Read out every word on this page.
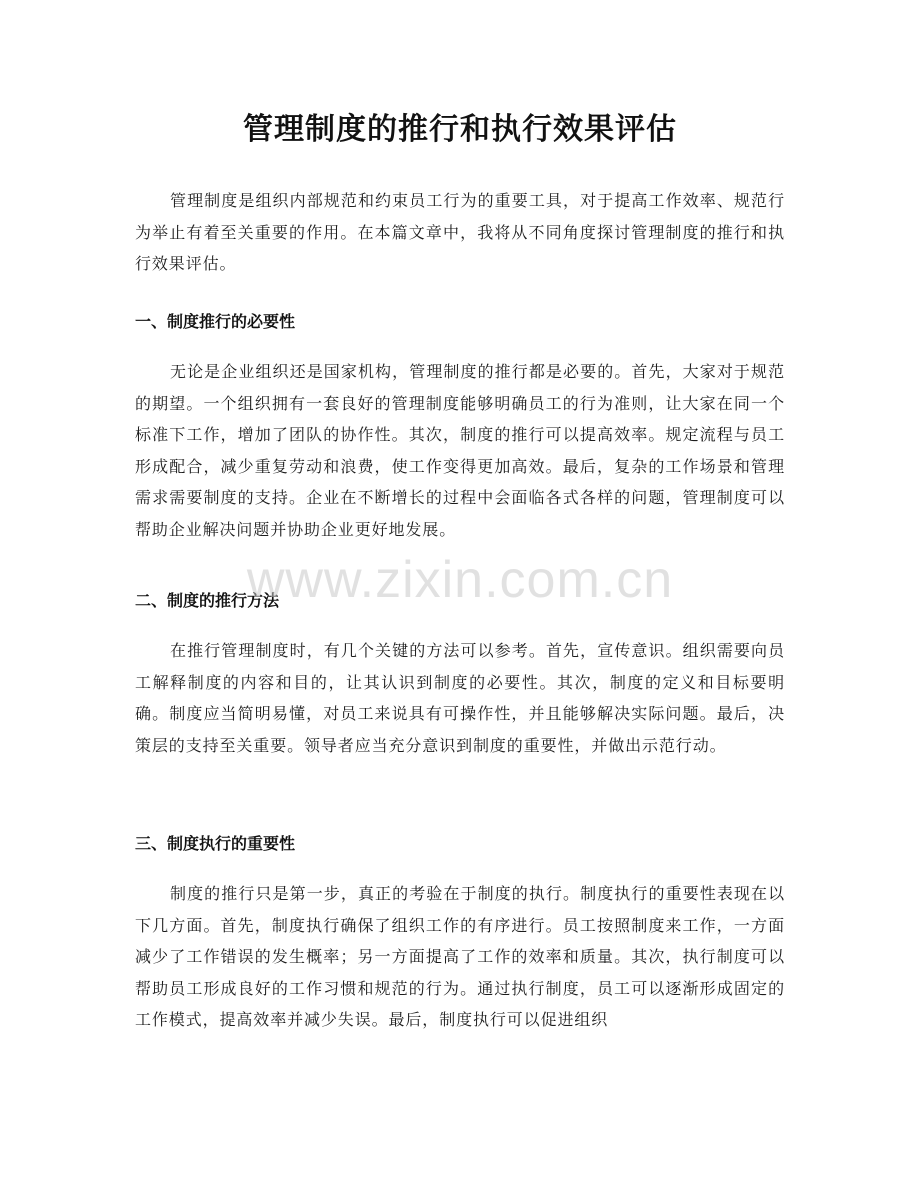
管理制度的推行和执行效果评估

管理制度是组织内部规范和约束员工行为的重要工具，对于提高工作效率、规范行为举止有着至关重要的作用。在本篇文章中，我将从不同角度探讨管理制度的推行和执行效果评估。

一、制度推行的必要性

无论是企业组织还是国家机构，管理制度的推行都是必要的。首先，大家对于规范的期望。一个组织拥有一套良好的管理制度能够明确员工的行为准则，让大家在同一个标准下工作，增加了团队的协作性。其次，制度的推行可以提高效率。规定流程与员工形成配合，减少重复劳动和浪费，使工作变得更加高效。最后，复杂的工作场景和管理需求需要制度的支持。企业在不断增长的过程中会面临各式各样的问题，管理制度可以帮助企业解决问题并协助企业更好地发展。

二、制度的推行方法

在推行管理制度时，有几个关键的方法可以参考。首先，宣传意识。组织需要向员工解释制度的内容和目的，让其认识到制度的必要性。其次，制度的定义和目标要明确。制度应当简明易懂，对员工来说具有可操作性，并且能够解决实际问题。最后，决策层的支持至关重要。领导者应当充分意识到制度的重要性，并做出示范行动。

三、制度执行的重要性

制度的推行只是第一步，真正的考验在于制度的执行。制度执行的重要性表现在以下几方面。首先，制度执行确保了组织工作的有序进行。员工按照制度来工作，一方面减少了工作错误的发生概率；另一方面提高了工作的效率和质量。其次，执行制度可以帮助员工形成良好的工作习惯和规范的行为。通过执行制度，员工可以逐渐形成固定的工作模式，提高效率并减少失误。最后，制度执行可以促进组织

www.zixin.com.cn
